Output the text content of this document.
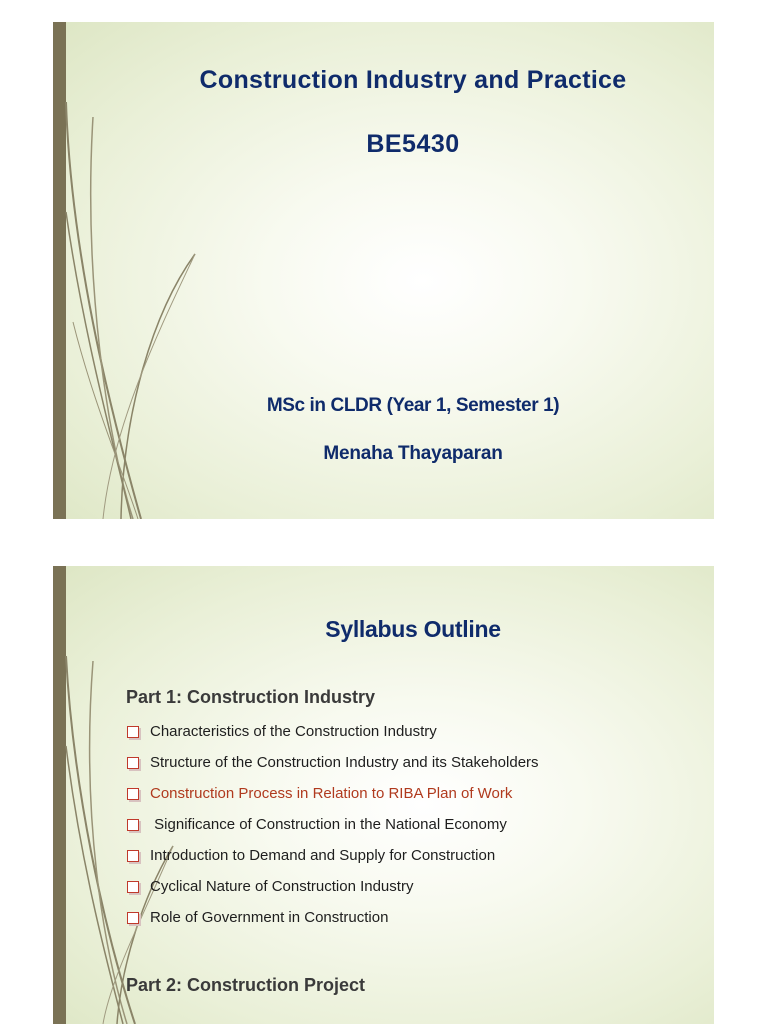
Construction Industry and Practice
BE5430
MSc in CLDR (Year 1, Semester 1)
Menaha Thayaparan
Syllabus Outline
Part 1: Construction Industry
Characteristics of the Construction Industry
Structure of the Construction Industry and its Stakeholders
Construction Process in Relation to RIBA Plan of Work
Significance of Construction in the National Economy
Introduction to Demand and Supply for Construction
Cyclical Nature of Construction Industry
Role of Government in Construction
Part 2: Construction Project
